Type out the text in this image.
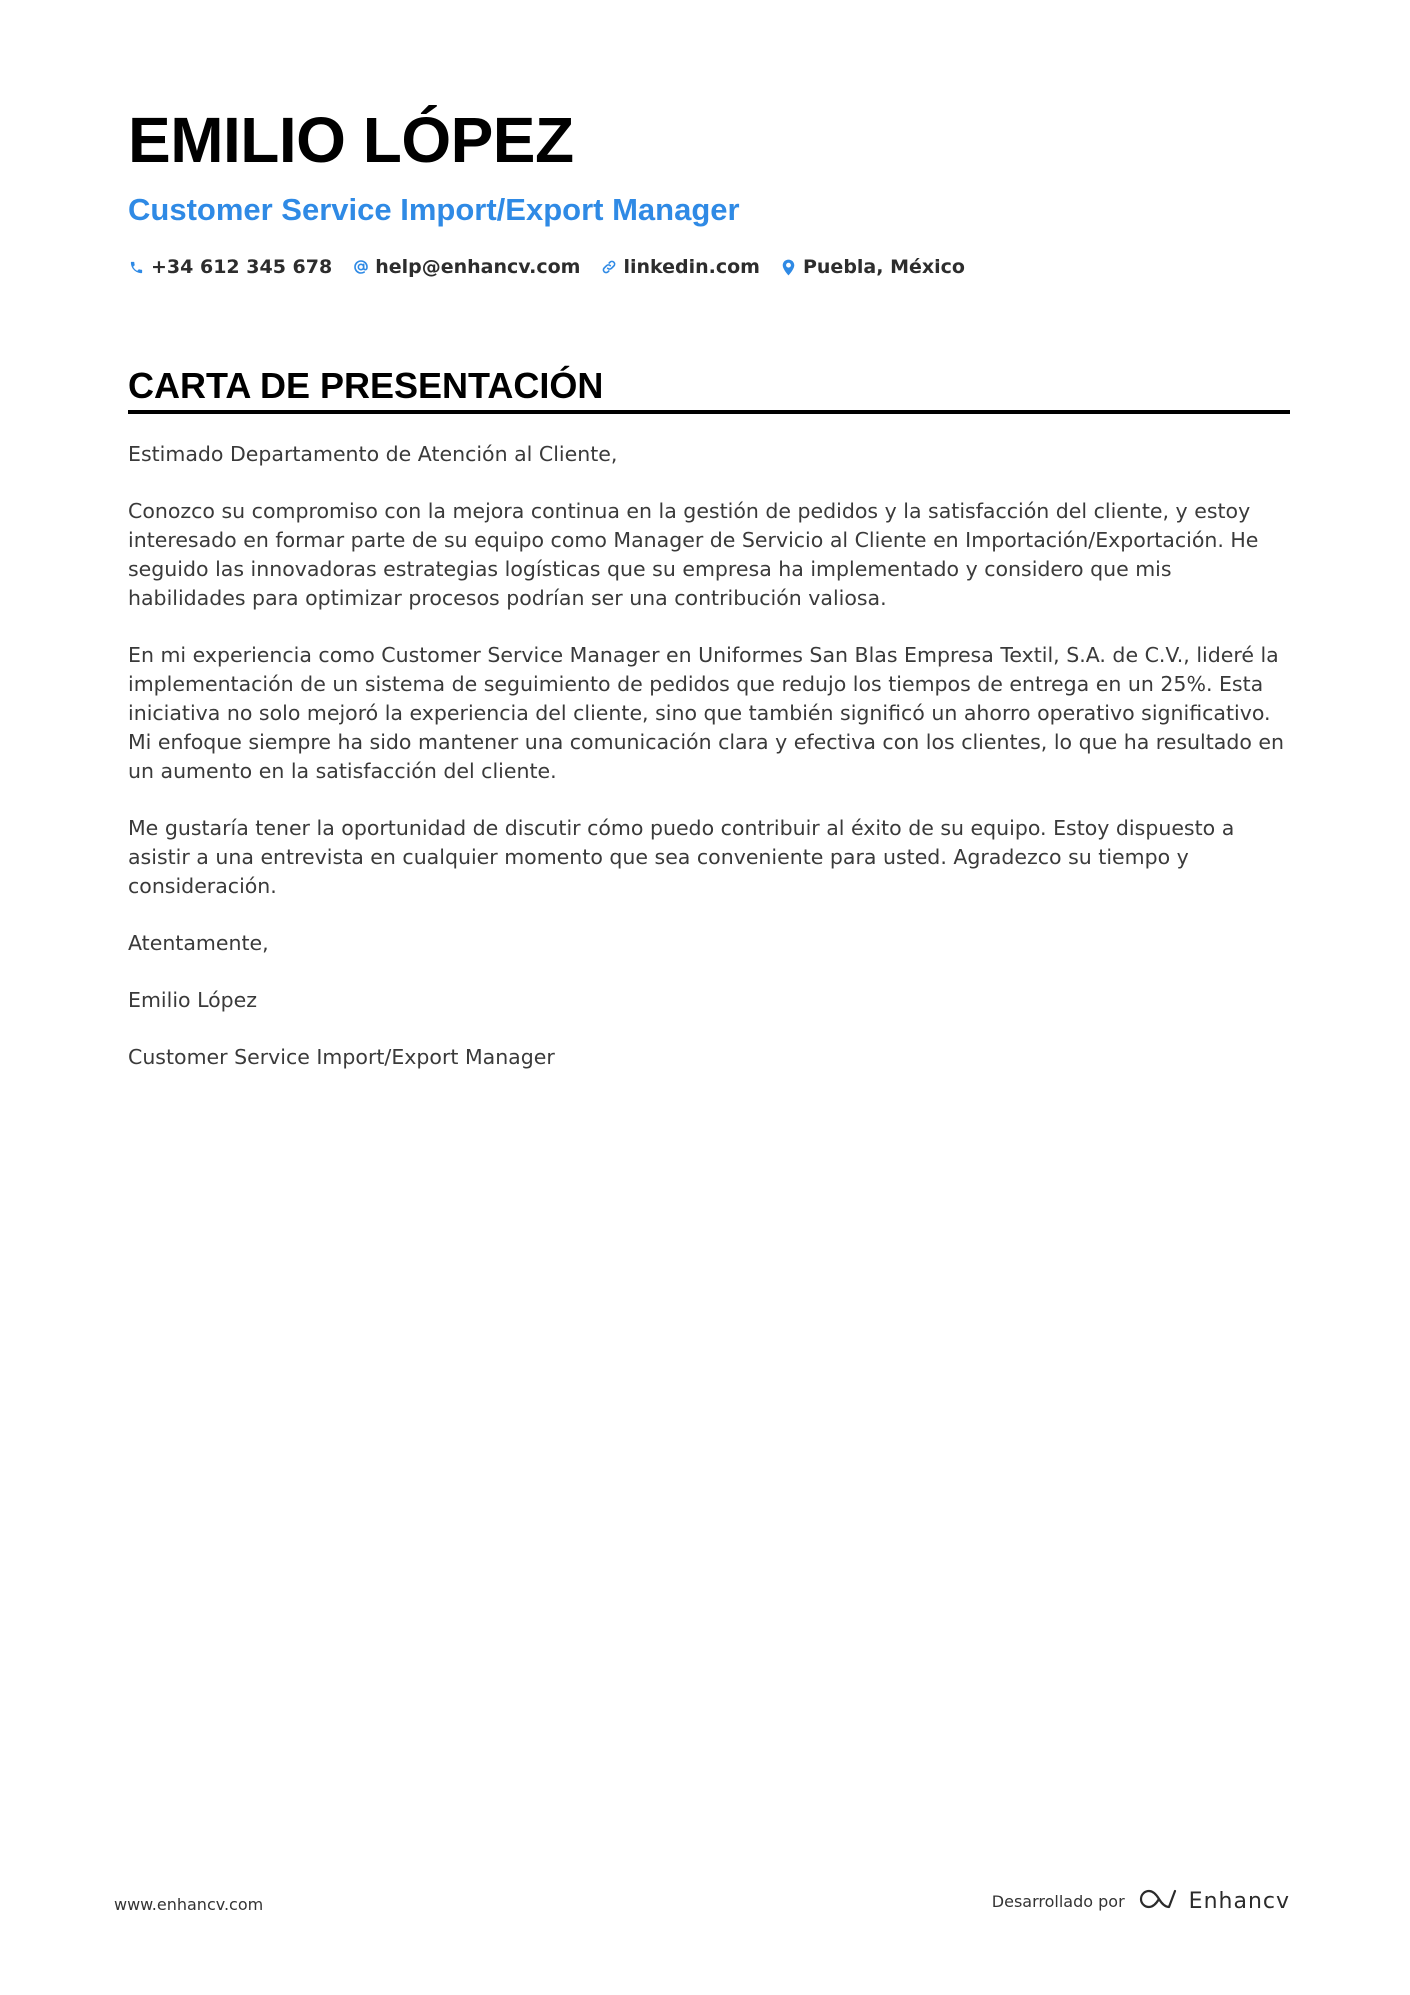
EMILIO LÓPEZ
Customer Service Import/Export Manager
+34 612 345 678 help@enhancv.com linkedin.com Puebla, México
CARTA DE PRESENTACIÓN

Estimado Departamento de Atención al Cliente,

Conozco su compromiso con la mejora continua en la gestión de pedidos y la satisfacción del cliente, y estoy interesado en formar parte de su equipo como Manager de Servicio al Cliente en Importación/Exportación. He seguido las innovadoras estrategias logísticas que su empresa ha implementado y considero que mis habilidades para optimizar procesos podrían ser una contribución valiosa.

En mi experiencia como Customer Service Manager en Uniformes San Blas Empresa Textil, S.A. de C.V., lideré la implementación de un sistema de seguimiento de pedidos que redujo los tiempos de entrega en un 25%. Esta iniciativa no solo mejoró la experiencia del cliente, sino que también significó un ahorro operativo significativo. Mi enfoque siempre ha sido mantener una comunicación clara y efectiva con los clientes, lo que ha resultado en un aumento en la satisfacción del cliente.

Me gustaría tener la oportunidad de discutir cómo puedo contribuir al éxito de su equipo. Estoy dispuesto a asistir a una entrevista en cualquier momento que sea conveniente para usted. Agradezco su tiempo y consideración.

Atentamente,

Emilio López

Customer Service Import/Export Manager

www.enhancv.com	Desarrollado por	Enhancv
